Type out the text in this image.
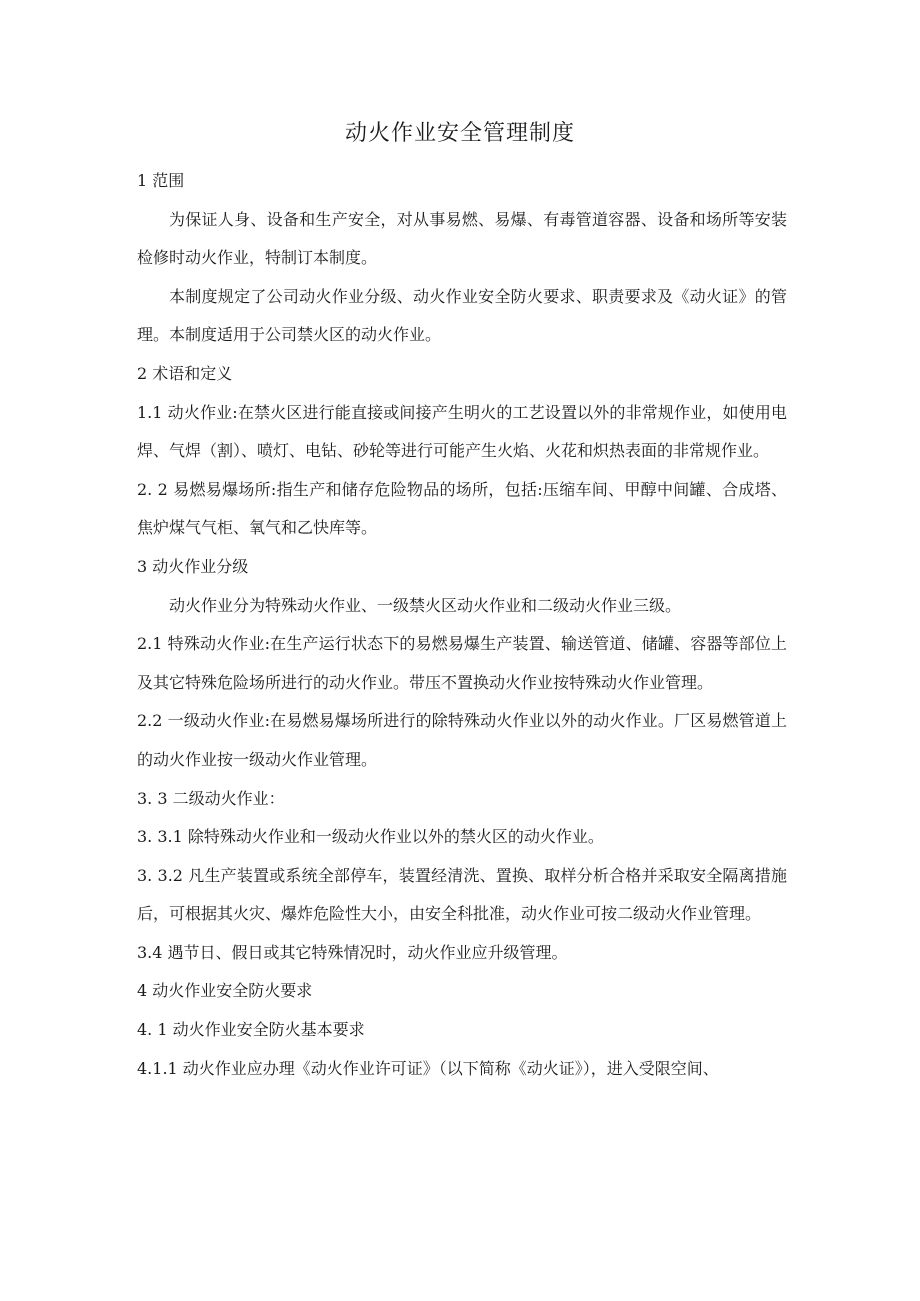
动火作业安全管理制度

1 范围

为保证人身、设备和生产安全，对从事易燃、易爆、有毒管道容器、设备和场所等安装检修时动火作业，特制订本制度。

本制度规定了公司动火作业分级、动火作业安全防火要求、职责要求及《动火证》的管理。本制度适用于公司禁火区的动火作业。

2 术语和定义

1.1 动火作业:在禁火区进行能直接或间接产生明火的工艺设置以外的非常规作业，如使用电焊、气焊（割）、喷灯、电钻、砂轮等进行可能产生火焰、火花和炽热表面的非常规作业。

2. 2 易燃易爆场所:指生产和储存危险物品的场所，包括:压缩车间、甲醇中间罐、合成塔、焦炉煤气气柜、氧气和乙快库等。

3 动火作业分级

动火作业分为特殊动火作业、一级禁火区动火作业和二级动火作业三级。

2.1 特殊动火作业:在生产运行状态下的易燃易爆生产装置、输送管道、储罐、容器等部位上及其它特殊危险场所进行的动火作业。带压不置换动火作业按特殊动火作业管理。

2.2 一级动火作业:在易燃易爆场所进行的除特殊动火作业以外的动火作业。厂区易燃管道上的动火作业按一级动火作业管理。

3. 3 二级动火作业：

3. 3.1 除特殊动火作业和一级动火作业以外的禁火区的动火作业。

3. 3.2 凡生产装置或系统全部停车，装置经清洗、置换、取样分析合格并采取安全隔离措施后，可根据其火灾、爆炸危险性大小，由安全科批准，动火作业可按二级动火作业管理。

3.4 遇节日、假日或其它特殊情况时，动火作业应升级管理。

4 动火作业安全防火要求

4. 1 动火作业安全防火基本要求

4.1.1 动火作业应办理《动火作业许可证》（以下简称《动火证》），进入受限空间、
